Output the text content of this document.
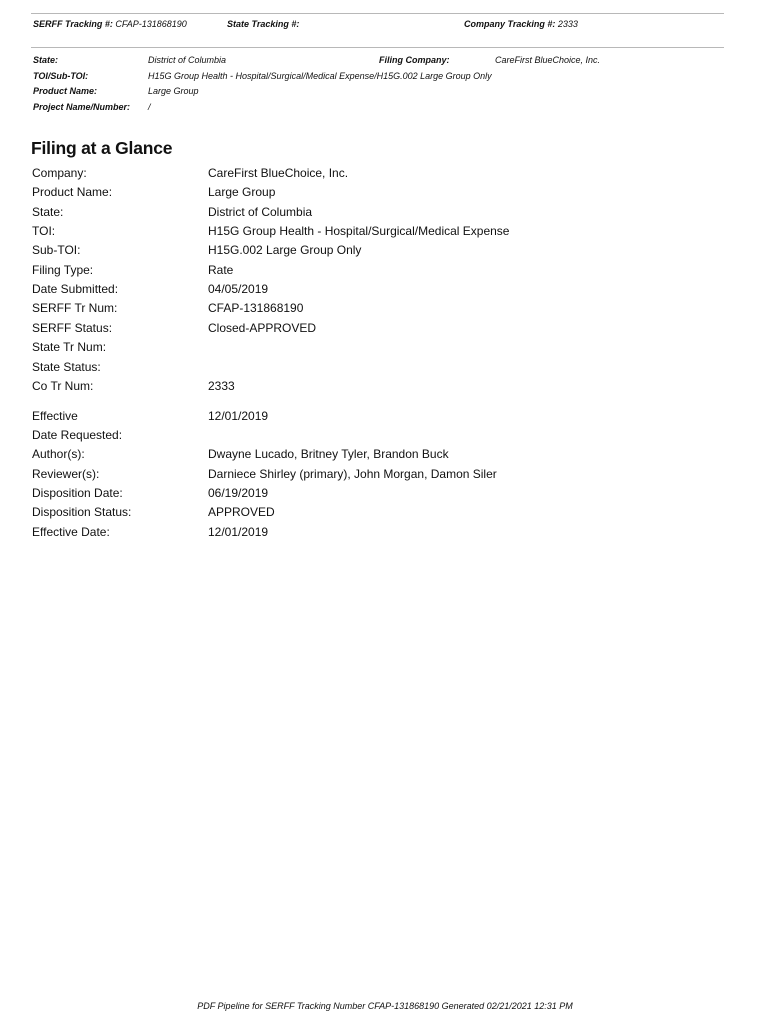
SERFF Tracking #: CFAP-131868190	State Tracking #:	Company Tracking #: 2333
State:	District of Columbia	Filing Company:	CareFirst BlueChoice, Inc.
TOI/Sub-TOI:	H15G Group Health - Hospital/Surgical/Medical Expense/H15G.002 Large Group Only
Product Name:	Large Group
Project Name/Number: /
Filing at a Glance
Company:	CareFirst BlueChoice, Inc.
Product Name:	Large Group
State:	District of Columbia
TOI:	H15G Group Health - Hospital/Surgical/Medical Expense
Sub-TOI:	H15G.002 Large Group Only
Filing Type:	Rate
Date Submitted:	04/05/2019
SERFF Tr Num:	CFAP-131868190
SERFF Status:	Closed-APPROVED
State Tr Num:
State Status:
Co Tr Num:	2333
Effective	12/01/2019
Date Requested:
Author(s):	Dwayne Lucado, Britney Tyler, Brandon Buck
Reviewer(s):	Darniece Shirley (primary), John Morgan, Damon Siler
Disposition Date:	06/19/2019
Disposition Status:	APPROVED
Effective Date:	12/01/2019
PDF Pipeline for SERFF Tracking Number CFAP-131868190 Generated 02/21/2021 12:31 PM
